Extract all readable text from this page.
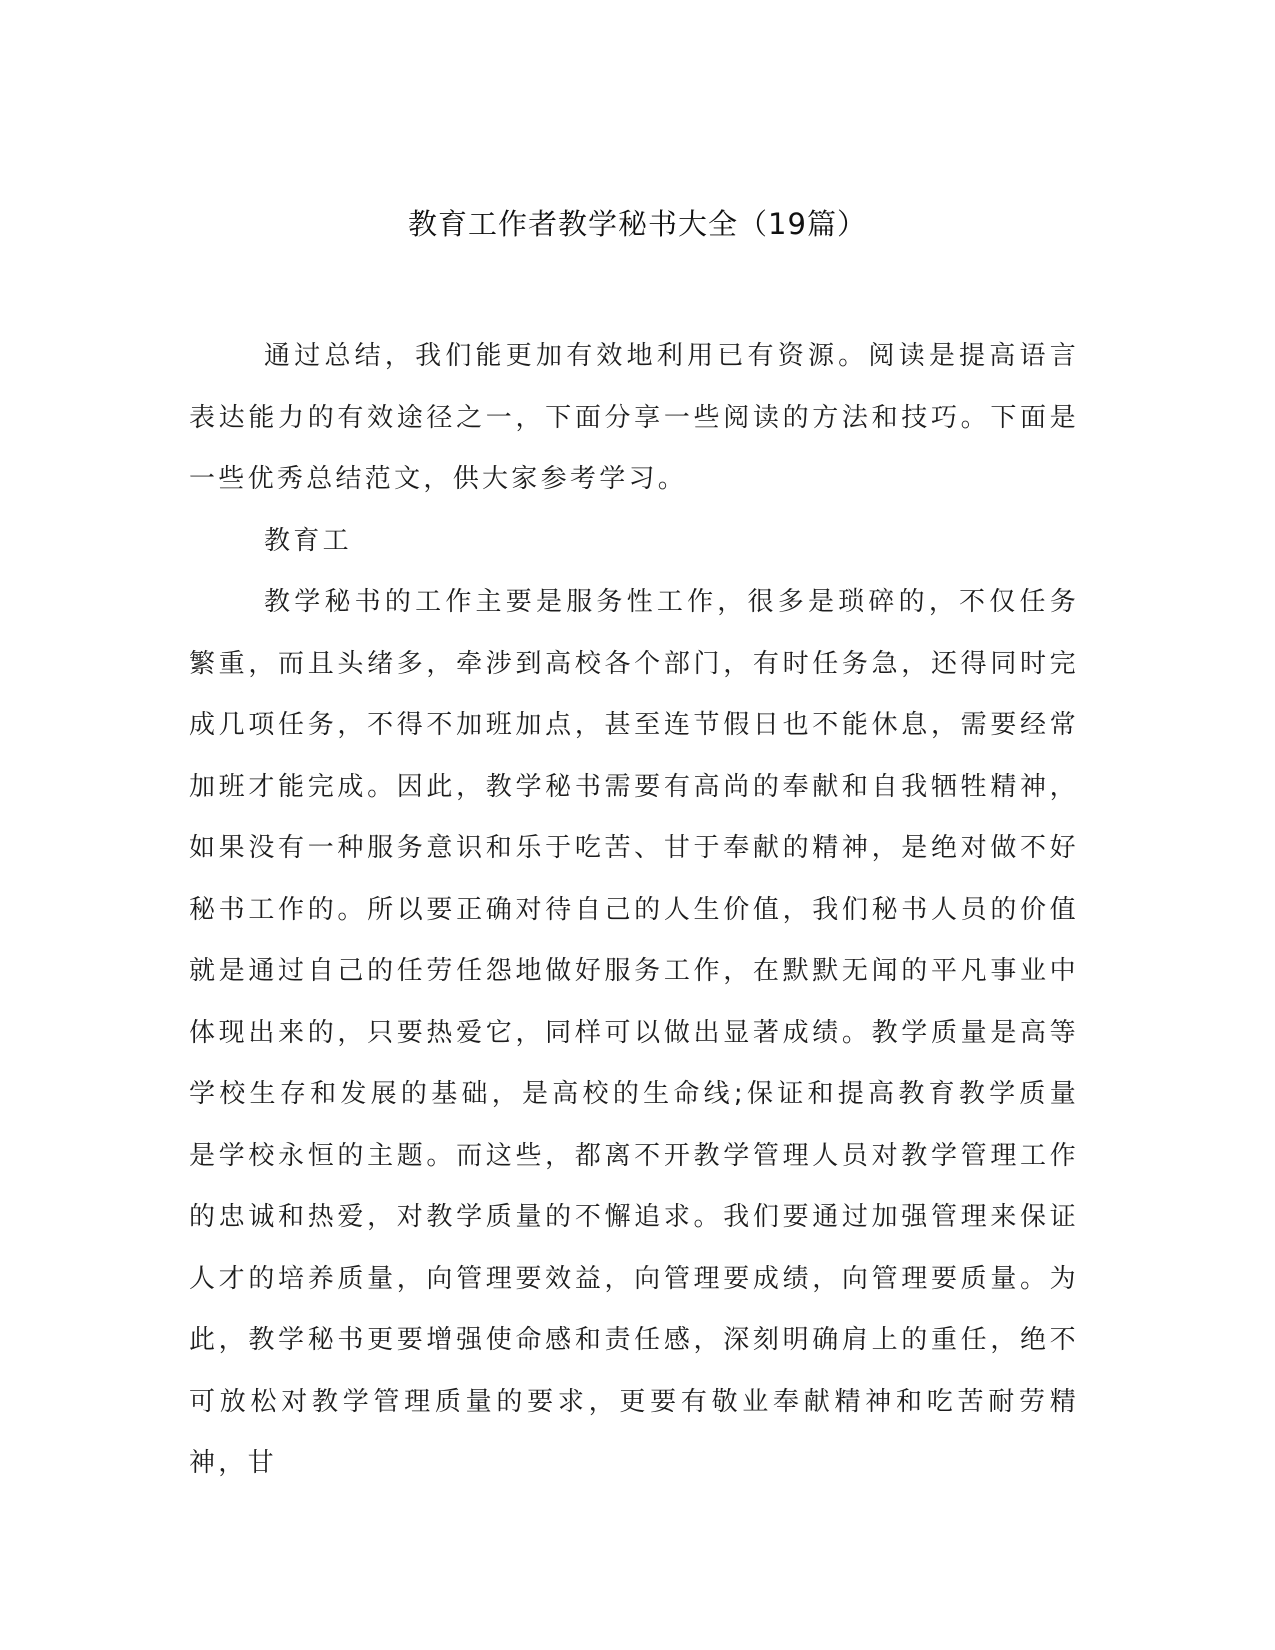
教育工作者教学秘书大全（19篇）

通过总结，我们能更加有效地利用已有资源。阅读是提高语言表达能力的有效途径之一，下面分享一些阅读的方法和技巧。下面是一些优秀总结范文，供大家参考学习。

教育工

教学秘书的工作主要是服务性工作，很多是琐碎的，不仅任务繁重，而且头绪多，牵涉到高校各个部门，有时任务急，还得同时完成几项任务，不得不加班加点，甚至连节假日也不能休息，需要经常加班才能完成。因此，教学秘书需要有高尚的奉献和自我牺牲精神，如果没有一种服务意识和乐于吃苦、甘于奉献的精神，是绝对做不好秘书工作的。所以要正确对待自己的人生价值，我们秘书人员的价值就是通过自己的任劳任怨地做好服务工作，在默默无闻的平凡事业中体现出来的，只要热爱它，同样可以做出显著成绩。教学质量是高等学校生存和发展的基础，是高校的生命线;保证和提高教育教学质量是学校永恒的主题。而这些，都离不开教学管理人员对教学管理工作的忠诚和热爱，对教学质量的不懈追求。我们要通过加强管理来保证人才的培养质量，向管理要效益，向管理要成绩，向管理要质量。为此，教学秘书更要增强使命感和责任感，深刻明确肩上的重任，绝不可放松对教学管理质量的要求，更要有敬业奉献精神和吃苦耐劳精神，甘
